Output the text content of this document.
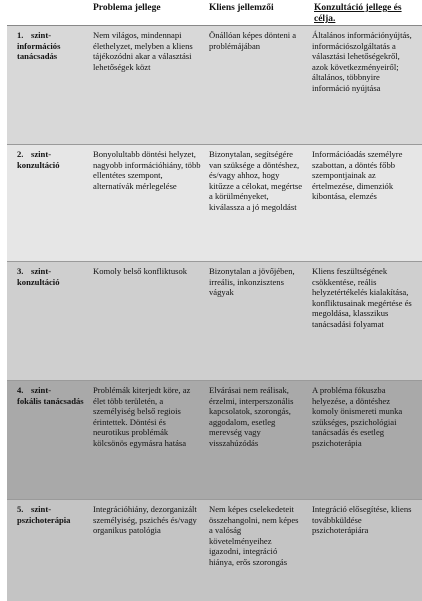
	Problema jellege	Kliens jellemzői	Konzultáció jellege és célja.
1. szint-
információs tanácsadás	Nem világos, mindennapi élethelyzet, melyben a kliens tájékozódni akar a választási lehetőségek közt	Önállóan képes dönteni a problémájában	Általános információnyújtás, információszolgáltatás a választási lehetőségekről, azok következményeiről; általános, többnyire információ nyújtása

2. szint-
konzultáció	Bonyolultabb döntési helyzet, nagyobb információhiány, több ellentétes szempont, alternatívák mérlegelése	Bizonytalan, segítségére van szüksége a döntéshez, és/vagy ahhoz, hogy kitűzze a célokat, megértse a körülményeket, kiválassza a jó megoldást	Információadás személyre szabottan, a döntés főbb szempontjainak az értelmezése, dimenziók kibontása, elemzés

3. szint-
konzultáció	Komoly belső konfliktusok	Bizonytalan a jövőjében, irreális, inkonzisztens vágyak	Kliens feszültségének csökkentése, reális helyzetértékelés kialakítása, konfliktusainak megértése és megoldása, klasszikus tanácsadási folyamat

4. szint-
fokális tanácsadás	Problémák kiterjedt köre, az élet több területén, a személyiség belső regiois érintettek. Döntési és neurotikus problémák kölcsönös egymásra hatása	Elvárásai nem reálisak, érzelmi, interperszonális kapcsolatok, szorongás, aggodalom, esetleg merevség vagy visszahúzódás	A probléma fókuszba helyezése, a döntéshez komoly önismereti munka szükséges, pszichológiai tanácsadás és esetleg pszichoterápia

5. szint-
pszichoterápia	Integrációhiány, dezorganizált személyiség, pszichés és/vagy organikus patológia	Nem képes cselekedeteit összehangolni, nem képes a valóság követelményeihez igazodni, integráció hiánya, erős szorongás	Integráció elősegítése, kliens továbbküldése pszichoterápiára
